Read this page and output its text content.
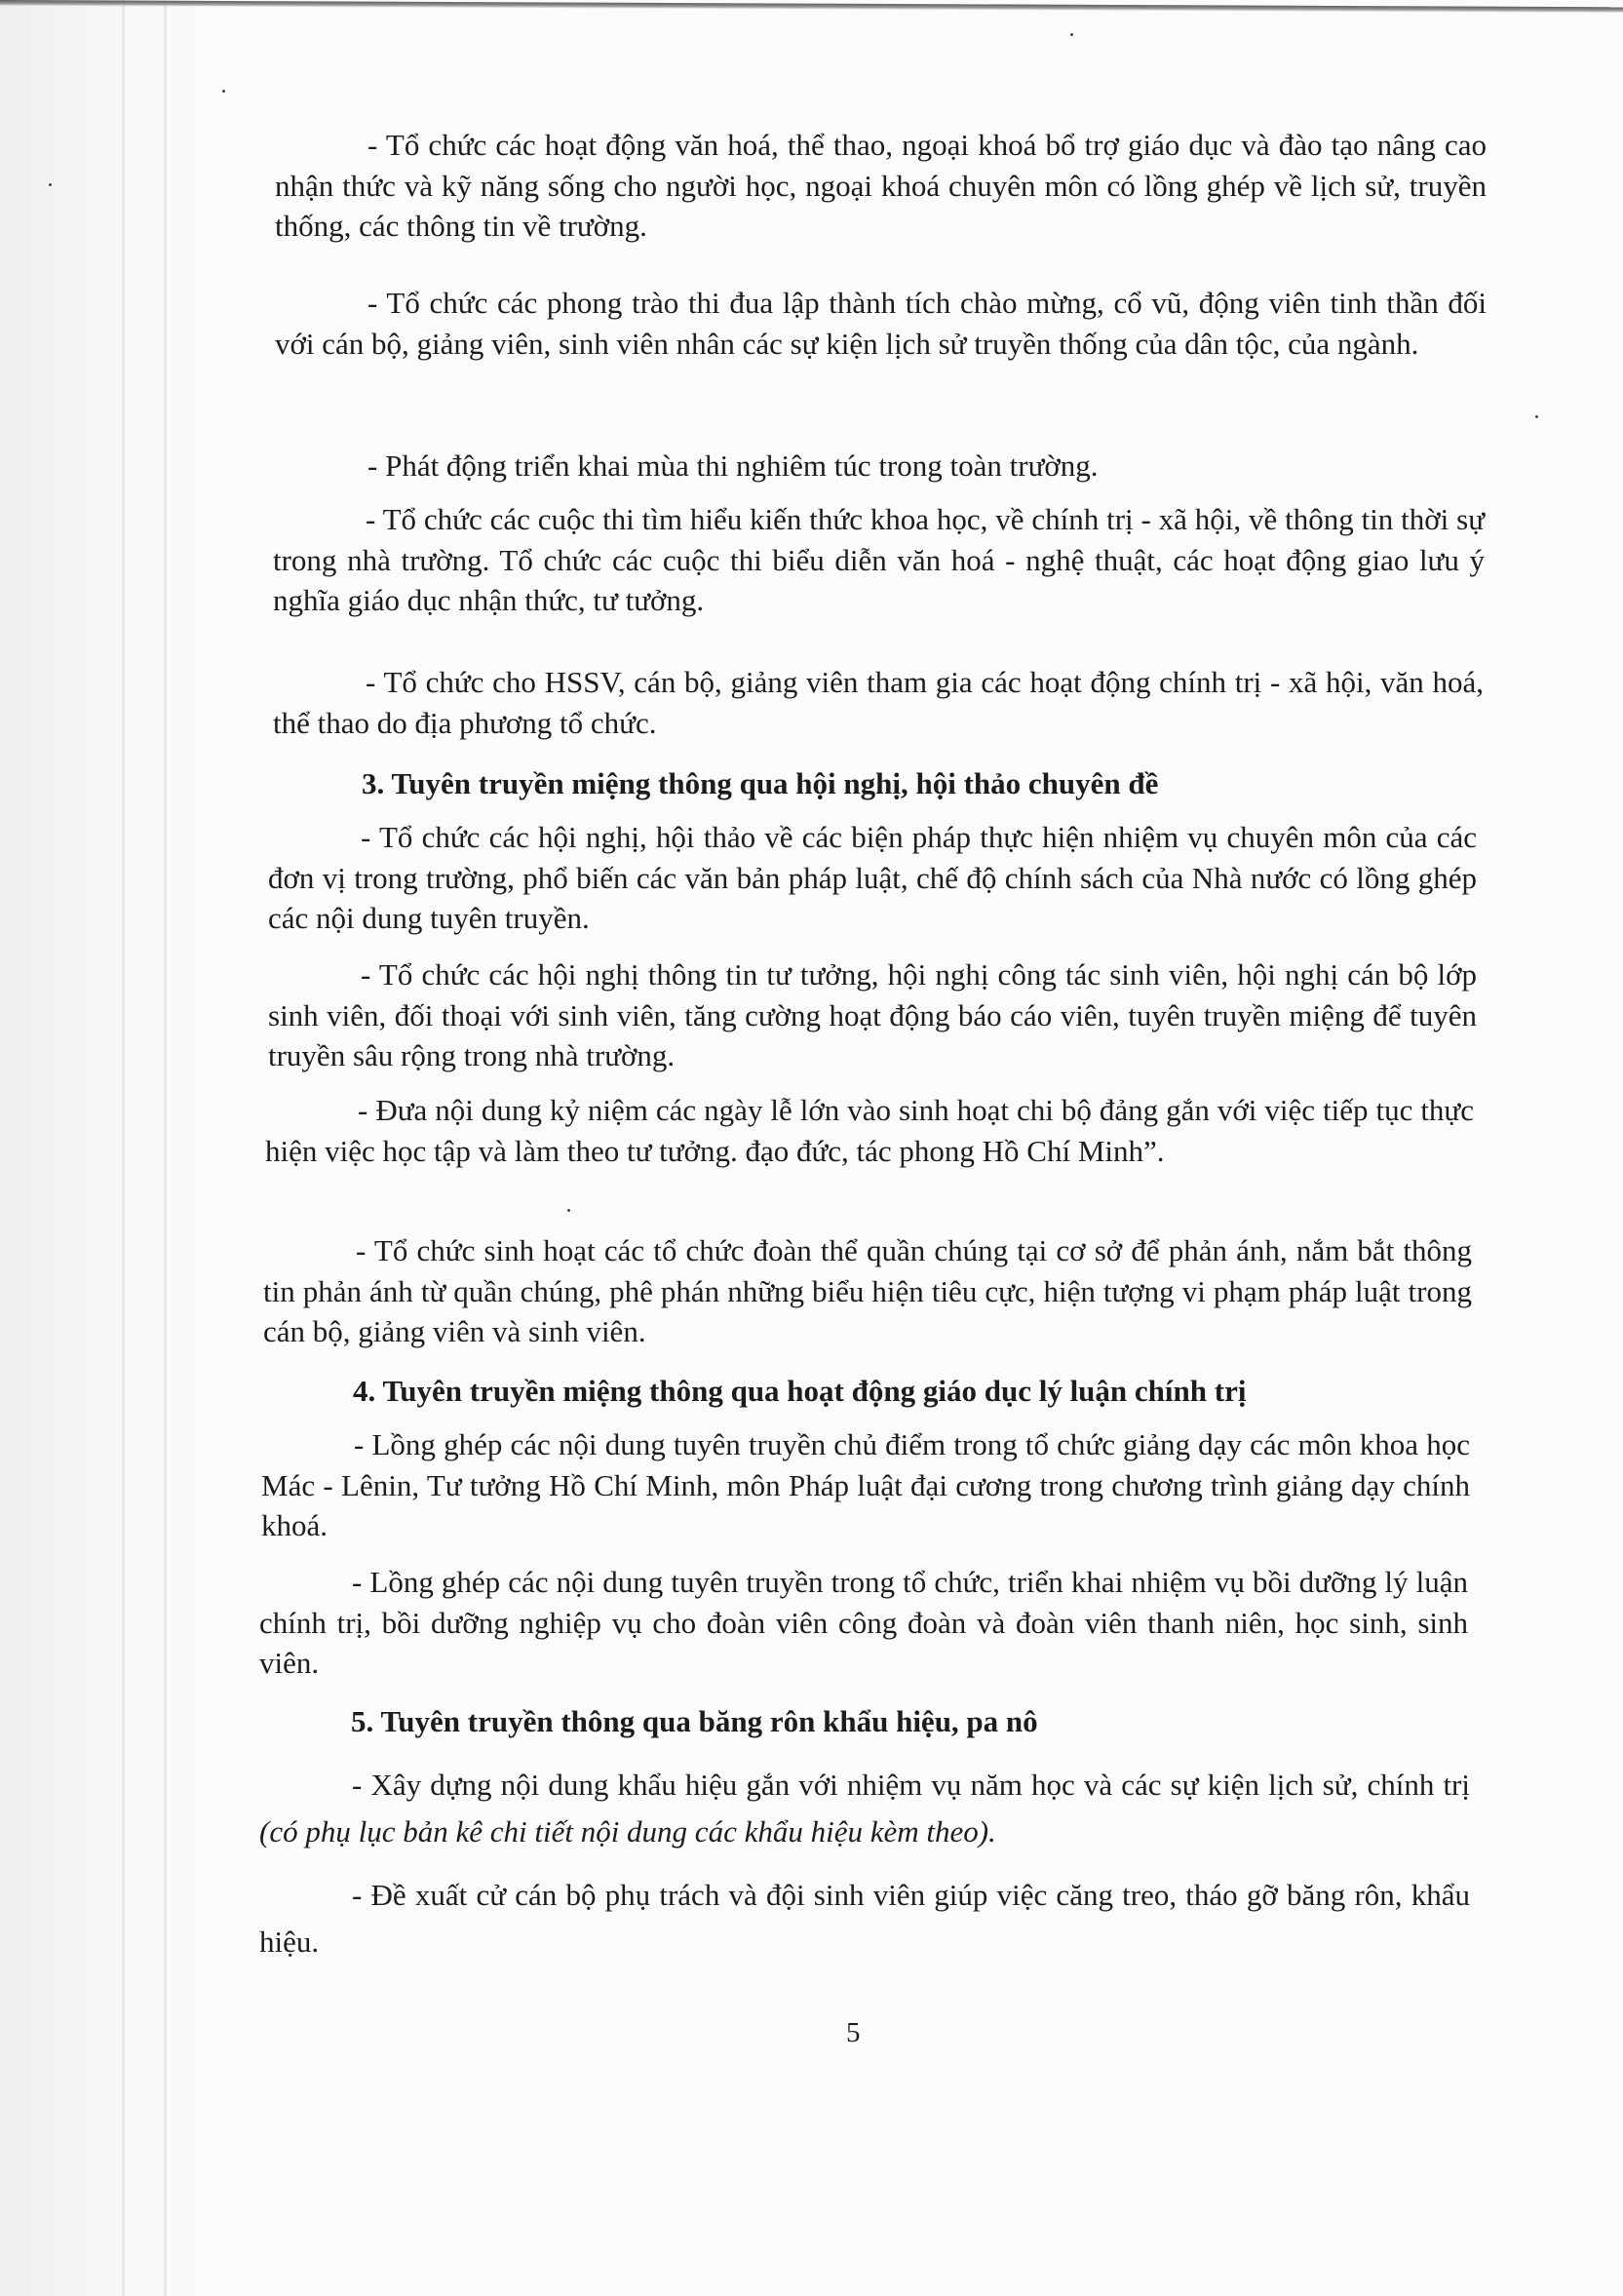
- Tổ chức các hoạt động văn hoá, thể thao, ngoại khoá bổ trợ giáo dục và đào tạo nâng cao nhận thức và kỹ năng sống cho người học, ngoại khoá chuyên môn có lồng ghép về lịch sử, truyền thống, các thông tin về trường.

- Tổ chức các phong trào thi đua lập thành tích chào mừng, cổ vũ, động viên tinh thần đối với cán bộ, giảng viên, sinh viên nhân các sự kiện lịch sử truyền thống của dân tộc, của ngành.

- Phát động triển khai mùa thi nghiêm túc trong toàn trường.

- Tổ chức các cuộc thi tìm hiểu kiến thức khoa học, về chính trị - xã hội, về thông tin thời sự trong nhà trường. Tổ chức các cuộc thi biểu diễn văn hoá - nghệ thuật, các hoạt động giao lưu ý nghĩa giáo dục nhận thức, tư tưởng.

- Tổ chức cho HSSV, cán bộ, giảng viên tham gia các hoạt động chính trị - xã hội, văn hoá, thể thao do địa phương tổ chức.

3. Tuyên truyền miệng thông qua hội nghị, hội thảo chuyên đề

- Tổ chức các hội nghị, hội thảo về các biện pháp thực hiện nhiệm vụ chuyên môn của các đơn vị trong trường, phổ biến các văn bản pháp luật, chế độ chính sách của Nhà nước có lồng ghép các nội dung tuyên truyền.

- Tổ chức các hội nghị thông tin tư tưởng, hội nghị công tác sinh viên, hội nghị cán bộ lớp sinh viên, đối thoại với sinh viên, tăng cường hoạt động báo cáo viên, tuyên truyền miệng để tuyên truyền sâu rộng trong nhà trường.

- Đưa nội dung kỷ niệm các ngày lễ lớn vào sinh hoạt chi bộ đảng gắn với việc tiếp tục thực hiện việc học tập và làm theo tư tưởng. đạo đức, tác phong Hồ Chí Minh”.

- Tổ chức sinh hoạt các tổ chức đoàn thể quần chúng tại cơ sở để phản ánh, nắm bắt thông tin phản ánh từ quần chúng, phê phán những biểu hiện tiêu cực, hiện tượng vi phạm pháp luật trong cán bộ, giảng viên và sinh viên.

4. Tuyên truyền miệng thông qua hoạt động giáo dục lý luận chính trị

- Lồng ghép các nội dung tuyên truyền chủ điểm trong tổ chức giảng dạy các môn khoa học Mác - Lênin, Tư tưởng Hồ Chí Minh, môn Pháp luật đại cương trong chương trình giảng dạy chính khoá.

- Lồng ghép các nội dung tuyên truyền trong tổ chức, triển khai nhiệm vụ bồi dưỡng lý luận chính trị, bồi dưỡng nghiệp vụ cho đoàn viên công đoàn và đoàn viên thanh niên, học sinh, sinh viên.

5. Tuyên truyền thông qua băng rôn khẩu hiệu, pa nô

- Xây dựng nội dung khẩu hiệu gắn với nhiệm vụ năm học và các sự kiện lịch sử, chính trị (có phụ lục bản kê chi tiết nội dung các khẩu hiệu kèm theo).

- Đề xuất cử cán bộ phụ trách và đội sinh viên giúp việc căng treo, tháo gỡ băng rôn, khẩu hiệu.

5
